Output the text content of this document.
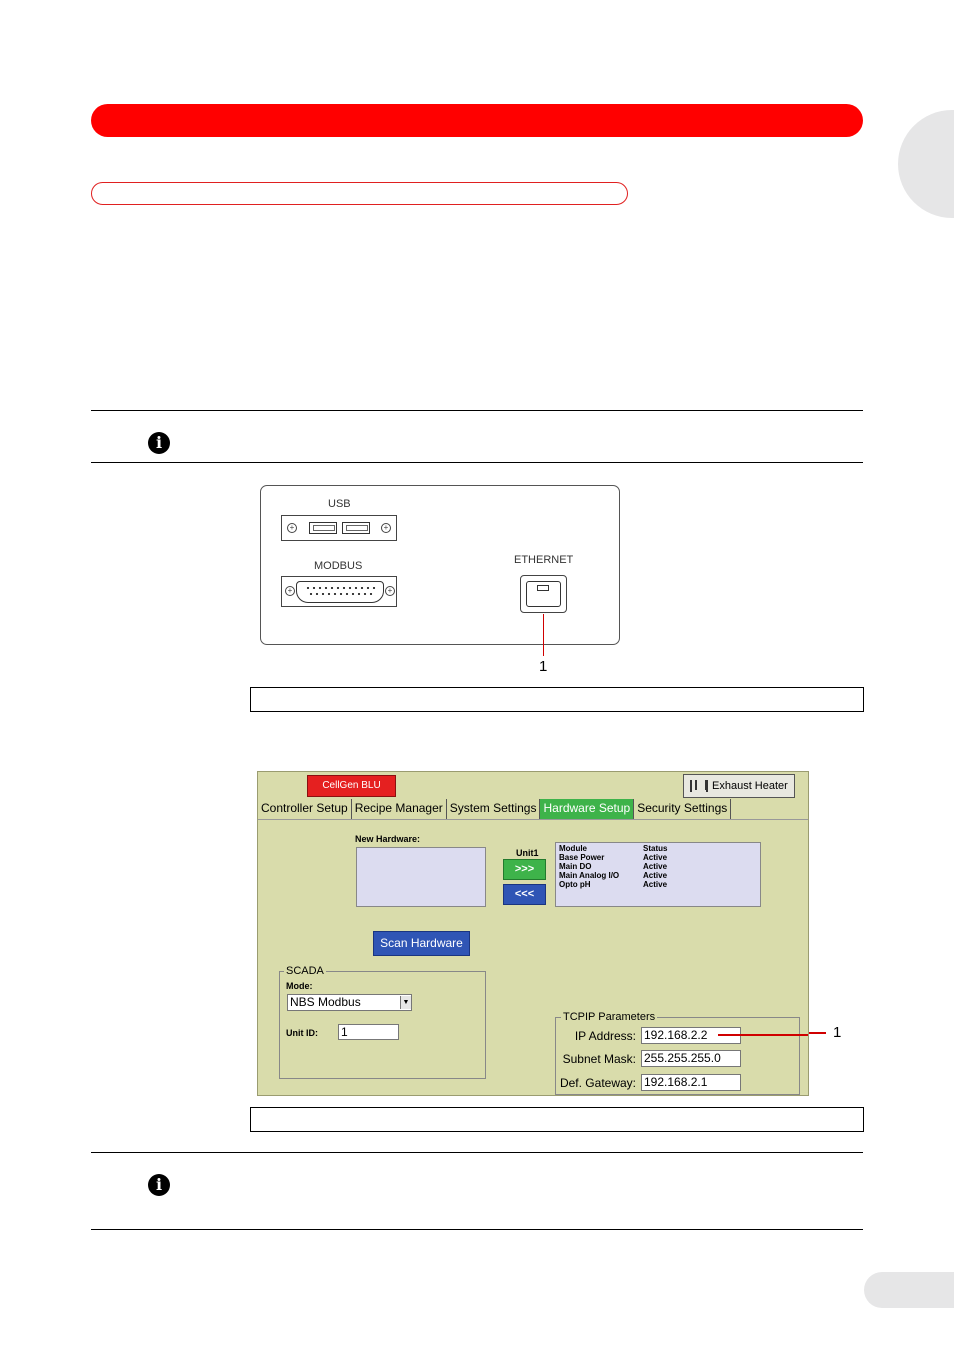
i
USB
+	+
MODBUS
+	+
ETHERNET
1
CellGen BLU	Exhaust Heater
Controller Setup Recipe Manager System Settings Hardware Setup Security Settings
New Hardware:
Unit1
>>>
<<<
Module	Status
Base Power	Active
Main DO	Active
Main Analog I/O	Active
Opto pH	Active
Scan Hardware
SCADA
Mode:
NBS Modbus	▼
Unit ID: 1
TCPIP Parameters
IP Address: 192.168.2.2
Subnet Mask: 255.255.255.0
Def. Gateway: 192.168.2.1
1
i
